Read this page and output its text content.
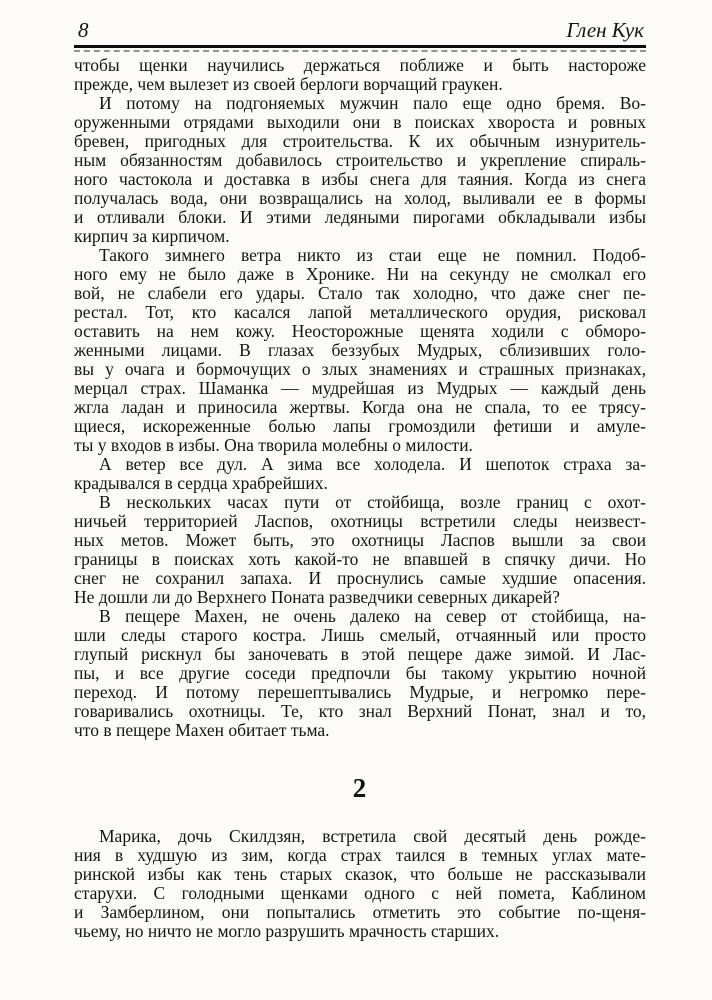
8	Глен Кук
чтобы щенки научились держаться поближе и быть настороже
прежде, чем вылезет из своей берлоги ворчащий граукен.
И потому на подгоняемых мужчин пало еще одно бремя. Во-
оруженными отрядами выходили они в поисках хвороста и ровных
бревен, пригодных для строительства. К их обычным изнуритель-
ным обязанностям добавилось строительство и укрепление спираль-
ного частокола и доставка в избы снега для таяния. Когда из снега
получалась вода, они возвращались на холод, выливали ее в формы
и отливали блоки. И этими ледяными пирогами обкладывали избы
кирпич за кирпичом.
Такого зимнего ветра никто из стаи еще не помнил. Подоб-
ного ему не было даже в Хронике. Ни на секунду не смолкал его
вой, не слабели его удары. Стало так холодно, что даже снег пе-
рестал. Тот, кто касался лапой металлического орудия, рисковал
оставить на нем кожу. Неосторожные щенята ходили с обморо-
женными лицами. В глазах беззубых Мудрых, сблизивших голо-
вы у очага и бормочущих о злых знамениях и страшных признаках,
мерцал страх. Шаманка — мудрейшая из Мудрых — каждый день
жгла ладан и приносила жертвы. Когда она не спала, то ее трясу-
щиеся, искореженные болью лапы громоздили фетиши и амуле-
ты у входов в избы. Она творила молебны о милости.
А ветер все дул. А зима все холодела. И шепоток страха за-
крадывался в сердца храбрейших.
В нескольких часах пути от стойбища, возле границ с охот-
ничьей территорией Ласпов, охотницы встретили следы неизвест-
ных метов. Может быть, это охотницы Ласпов вышли за свои
границы в поисках хоть какой-то не впавшей в спячку дичи. Но
снег не сохранил запаха. И проснулись самые худшие опасения.
Не дошли ли до Верхнего Поната разведчики северных дикарей?
В пещере Махен, не очень далеко на север от стойбища, на-
шли следы старого костра. Лишь смелый, отчаянный или просто
глупый рискнул бы заночевать в этой пещере даже зимой. И Лас-
пы, и все другие соседи предпочли бы такому укрытию ночной
переход. И потому перешептывались Мудрые, и негромко пере-
говаривались охотницы. Те, кто знал Верхний Понат, знал и то,
что в пещере Махен обитает тьма.
2
Марика, дочь Скилдзян, встретила свой десятый день рожде-
ния в худшую из зим, когда страх таился в темных углах мате-
ринской избы как тень старых сказок, что больше не рассказывали
старухи. С голодными щенками одного с ней помета, Каблином
и Замберлином, они попытались отметить это событие по-щеня-
чьему, но ничто не могло разрушить мрачность старших.
